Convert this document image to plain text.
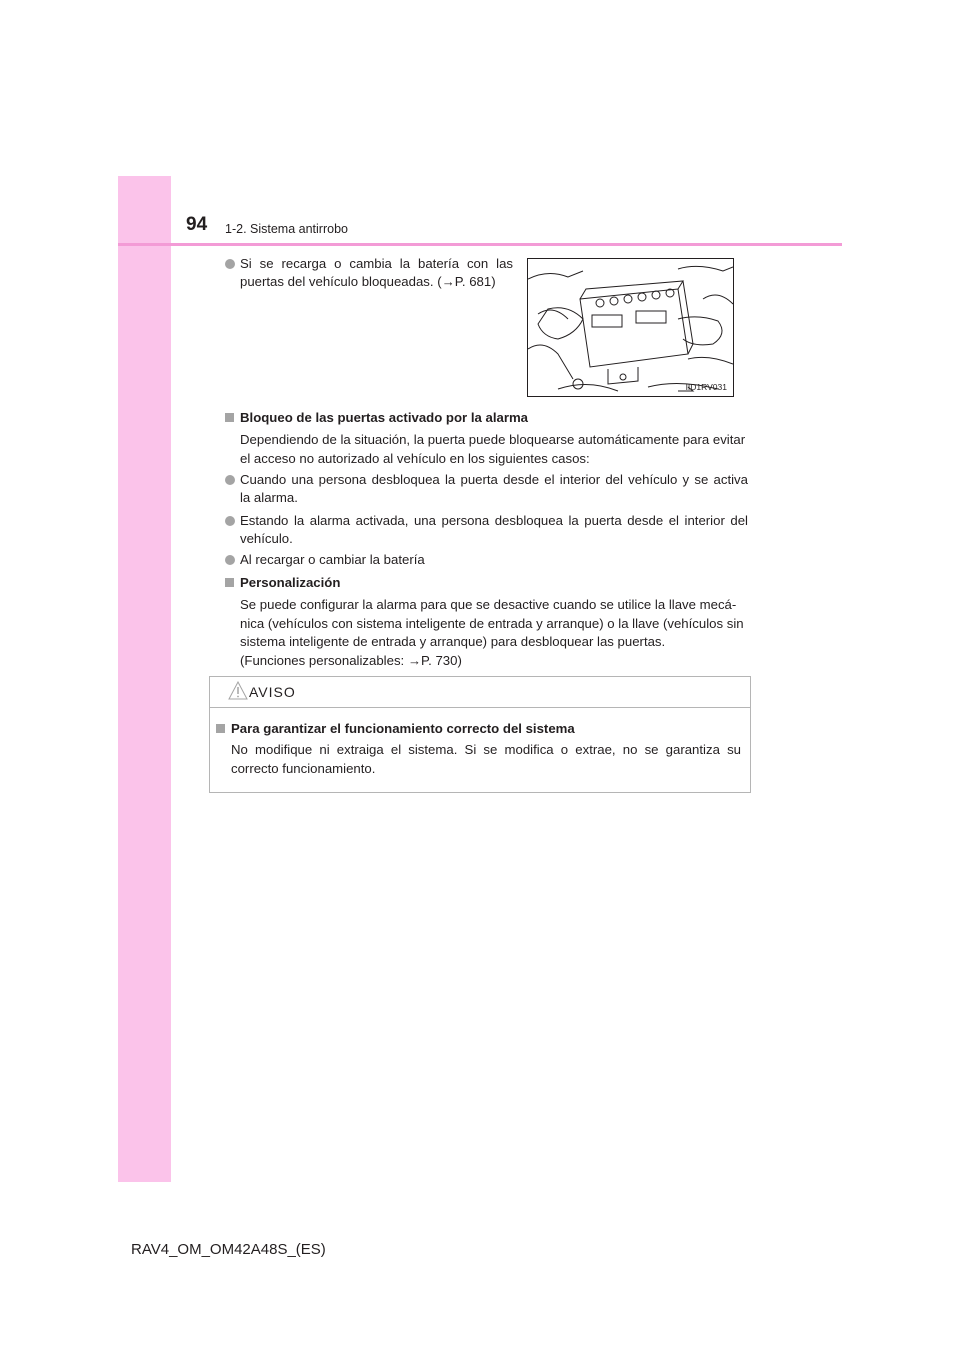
94 1-2. Sistema antirrobo
Si se recarga o cambia la batería con las
puertas del vehículo bloqueadas. (→P. 681)
IID1RV031
Bloqueo de las puertas activado por la alarma
Dependiendo de la situación, la puerta puede bloquearse automáticamente para evitar
el acceso no autorizado al vehículo en los siguientes casos:
Cuando una persona desbloquea la puerta desde el interior del vehículo y se activa
la alarma.
Estando la alarma activada, una persona desbloquea la puerta desde el interior del
vehículo.
Al recargar o cambiar la batería
Personalización
Se puede configurar la alarma para que se desactive cuando se utilice la llave mecá-
nica (vehículos con sistema inteligente de entrada y arranque) o la llave (vehículos sin
sistema inteligente de entrada y arranque) para desbloquear las puertas.
(Funciones personalizables: →P. 730)
AVISO
Para garantizar el funcionamiento correcto del sistema
No modifique ni extraiga el sistema. Si se modifica o extrae, no se garantiza su
correcto funcionamiento.
RAV4_OM_OM42A48S_(ES)
